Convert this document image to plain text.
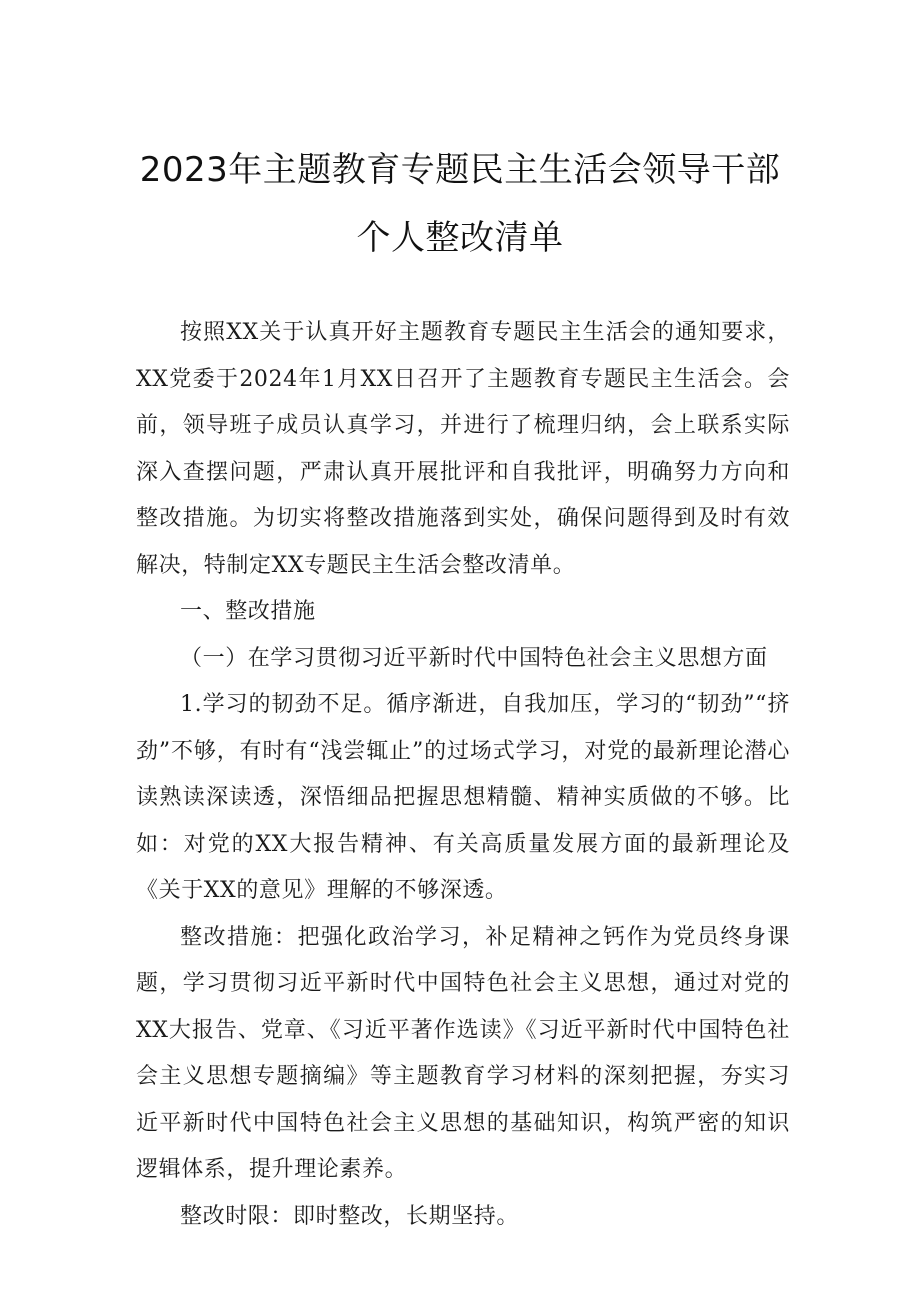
2023年主题教育专题民主生活会领导干部
个人整改清单

按照XX关于认真开好主题教育专题民主生活会的通知要求，XX党委于2024年1月XX日召开了主题教育专题民主生活会。会前，领导班子成员认真学习，并进行了梳理归纳，会上联系实际深入查摆问题，严肃认真开展批评和自我批评，明确努力方向和整改措施。为切实将整改措施落到实处，确保问题得到及时有效解决，特制定XX专题民主生活会整改清单。

一、整改措施

（一）在学习贯彻习近平新时代中国特色社会主义思想方面

1.学习的韧劲不足。循序渐进，自我加压，学习的“韧劲”“挤劲”不够，有时有“浅尝辄止”的过场式学习，对党的最新理论潜心读熟读深读透，深悟细品把握思想精髓、精神实质做的不够。比如：对党的XX大报告精神、有关高质量发展方面的最新理论及《关于XX的意见》理解的不够深透。

整改措施：把强化政治学习，补足精神之钙作为党员终身课题，学习贯彻习近平新时代中国特色社会主义思想，通过对党的XX大报告、党章、《习近平著作选读》《习近平新时代中国特色社会主义思想专题摘编》等主题教育学习材料的深刻把握，夯实习近平新时代中国特色社会主义思想的基础知识，构筑严密的知识逻辑体系，提升理论素养。

整改时限：即时整改，长期坚持。
